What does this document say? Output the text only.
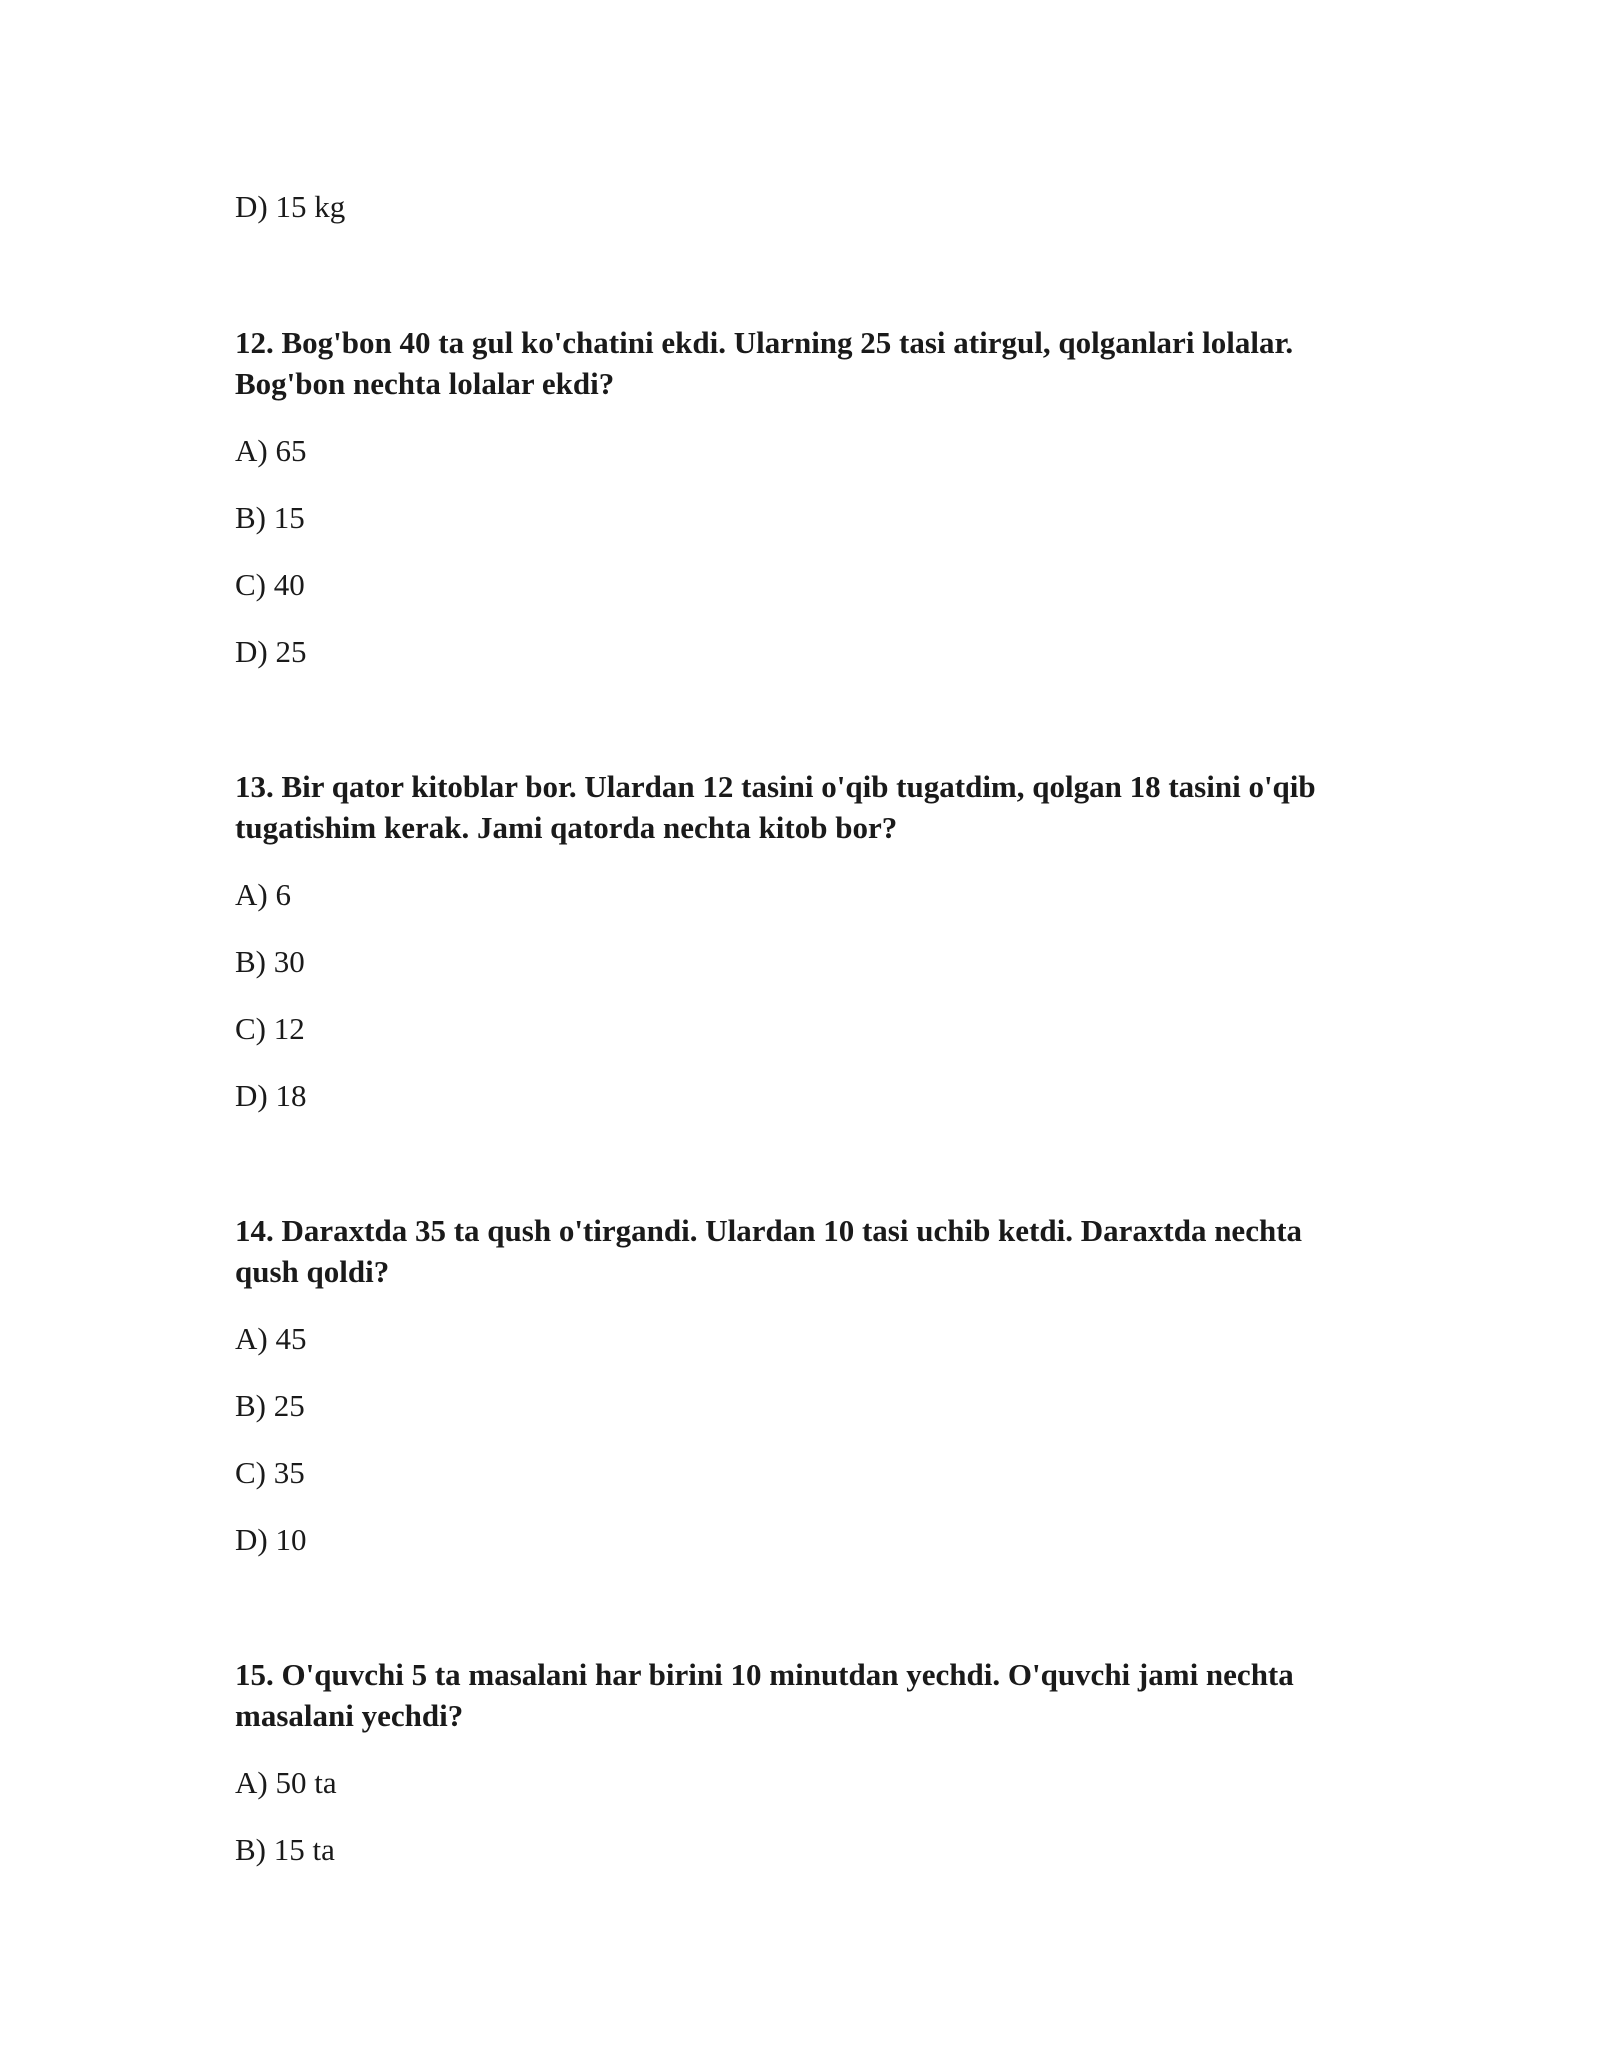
D) 15 kg
12. Bog'bon 40 ta gul ko'chatini ekdi. Ularning 25 tasi atirgul, qolganlari lolalar.
Bog'bon nechta lolalar ekdi?
A) 65
B) 15
C) 40
D) 25
13. Bir qator kitoblar bor. Ulardan 12 tasini o'qib tugatdim, qolgan 18 tasini o'qib
tugatishim kerak. Jami qatorda nechta kitob bor?
A) 6
B) 30
C) 12
D) 18
14. Daraxtda 35 ta qush o'tirgandi. Ulardan 10 tasi uchib ketdi. Daraxtda nechta
qush qoldi?
A) 45
B) 25
C) 35
D) 10
15. O'quvchi 5 ta masalani har birini 10 minutdan yechdi. O'quvchi jami nechta
masalani yechdi?
A) 50 ta
B) 15 ta
